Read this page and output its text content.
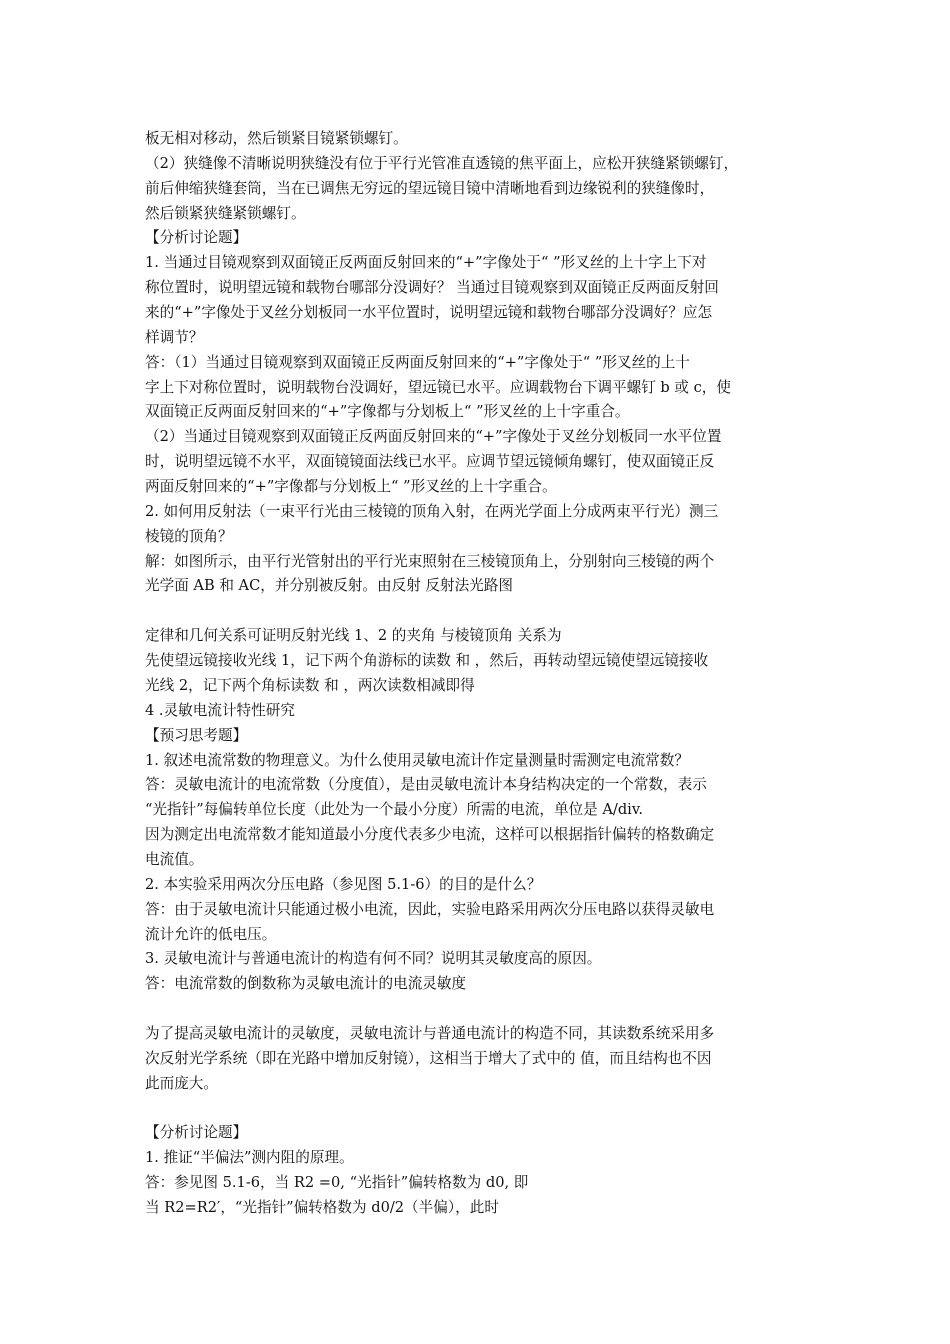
板无相对移动，然后锁紧目镜紧锁螺钉。
（2）狭缝像不清晰说明狭缝没有位于平行光管准直透镜的焦平面上，应松开狭缝紧锁螺钉，
前后伸缩狭缝套筒，当在已调焦无穷远的望远镜目镜中清晰地看到边缘锐利的狭缝像时，
然后锁紧狭缝紧锁螺钉。
【分析讨论题】
1. 当通过目镜观察到双面镜正反两面反射回来的“+”字像处于“ ”形叉丝的上十字上下对
称位置时，说明望远镜和载物台哪部分没调好？ 当通过目镜观察到双面镜正反两面反射回
来的“+”字像处于叉丝分划板同一水平位置时，说明望远镜和载物台哪部分没调好？应怎
样调节？
答：（1）当通过目镜观察到双面镜正反两面反射回来的“+”字像处于“ ”形叉丝的上十
字上下对称位置时，说明载物台没调好，望远镜已水平。应调载物台下调平螺钉 b 或 c，使
双面镜正反两面反射回来的“+”字像都与分划板上“ ”形叉丝的上十字重合。
（2）当通过目镜观察到双面镜正反两面反射回来的“+”字像处于叉丝分划板同一水平位置
时，说明望远镜不水平，双面镜镜面法线已水平。应调节望远镜倾角螺钉，使双面镜正反
两面反射回来的“+”字像都与分划板上“ ”形叉丝的上十字重合。
2. 如何用反射法（一束平行光由三棱镜的顶角入射，在两光学面上分成两束平行光）测三
棱镜的顶角？
解：如图所示，由平行光管射出的平行光束照射在三棱镜顶角上，分别射向三棱镜的两个
光学面 AB 和 AC，并分别被反射。由反射 反射法光路图
定律和几何关系可证明反射光线 1、2 的夹角 与棱镜顶角 关系为
先使望远镜接收光线 1，记下两个角游标的读数 和 ，然后，再转动望远镜使望远镜接收
光线 2，记下两个角标读数 和 ，两次读数相减即得
4 .灵敏电流计特性研究
【预习思考题】
1. 叙述电流常数的物理意义。为什么使用灵敏电流计作定量测量时需测定电流常数？
答：灵敏电流计的电流常数（分度值），是由灵敏电流计本身结构决定的一个常数，表示
“光指针”每偏转单位长度（此处为一个最小分度）所需的电流，单位是 A/div.
因为测定出电流常数才能知道最小分度代表多少电流，这样可以根据指针偏转的格数确定
电流值。
2. 本实验采用两次分压电路（参见图 5.1-6）的目的是什么？
答：由于灵敏电流计只能通过极小电流，因此，实验电路采用两次分压电路以获得灵敏电
流计允许的低电压。
3. 灵敏电流计与普通电流计的构造有何不同？说明其灵敏度高的原因。
答：电流常数的倒数称为灵敏电流计的电流灵敏度
为了提高灵敏电流计的灵敏度，灵敏电流计与普通电流计的构造不同，其读数系统采用多
次反射光学系统（即在光路中增加反射镜），这相当于增大了式中的 值，而且结构也不因
此而庞大。
【分析讨论题】
1. 推证“半偏法”测内阻的原理。
答：参见图 5.1-6，当 R2 =0, “光指针”偏转格数为 d0, 即
当 R2=R2′，“光指针”偏转格数为 d0/2（半偏），此时
